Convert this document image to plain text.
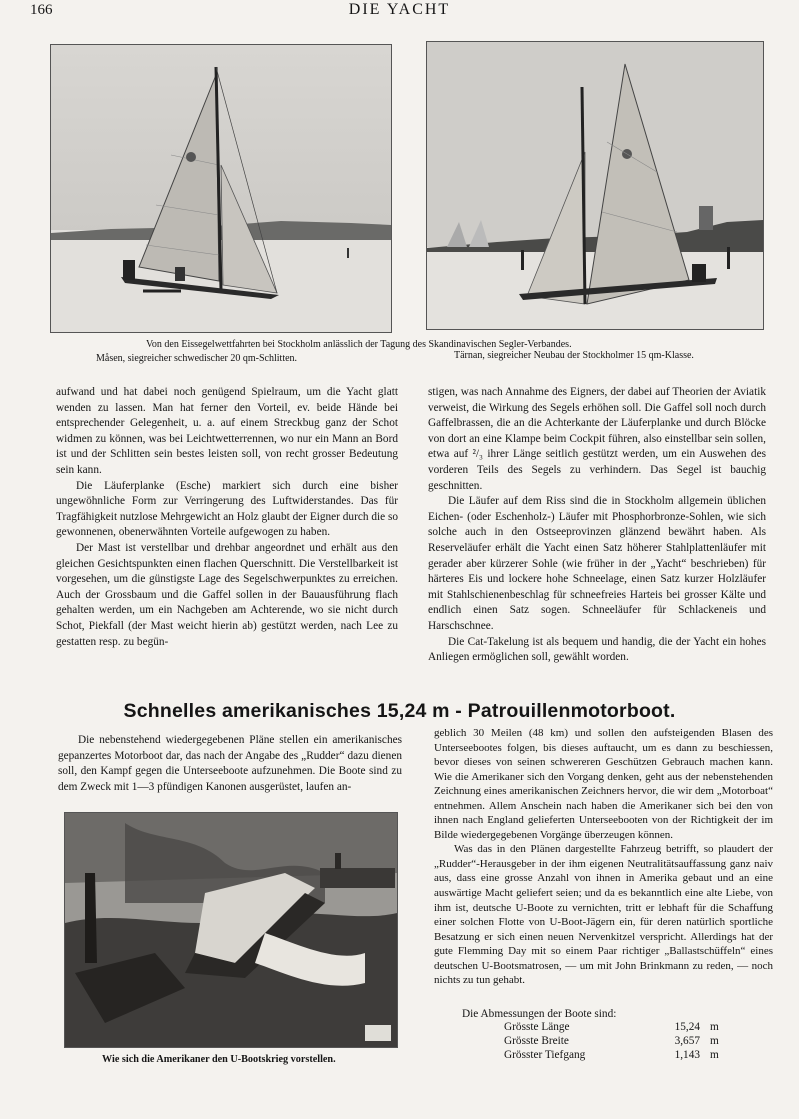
166	DIE YACHT
Von den Eissegelwettfahrten bei Stockholm anlässlich der Tagung des Skandinavischen Segler-Verbandes.
Måsen, siegreicher schwedischer 20 qm-Schlitten.	Tärnan, siegreicher Neubau der Stockholmer 15 qm-Klasse.

aufwand und hat dabei noch genügend Spielraum, um die Yacht glatt wenden zu lassen. Man hat ferner den Vorteil, ev. beide Hände bei entsprechender Gelegenheit, u. a. auf einem Streckbug ganz der Schot widmen zu können, was bei Leichtwetterrennen, wo nur ein Mann an Bord ist und der Schlitten sein bestes leisten soll, von recht grosser Bedeutung sein kann.

Die Läuferplanke (Esche) markiert sich durch eine bisher ungewöhnliche Form zur Verringerung des Luftwiderstandes. Das für Tragfähigkeit nutzlose Mehrgewicht an Holz glaubt der Eigner durch die so gewonnenen, obenerwähnten Vorteile aufgewogen zu haben.

Der Mast ist verstellbar und drehbar angeordnet und erhält aus den gleichen Gesichtspunkten einen flachen Querschnitt. Die Verstellbarkeit ist vorgesehen, um die günstigste Lage des Segelschwerpunktes zu erreichen. Auch der Grossbaum und die Gaffel sollen in der Bauausführung flach gehalten werden, um ein Nachgeben am Achterende, wo sie nicht durch Schot, Piekfall (der Mast weicht hierin ab) gestützt werden, nach Lee zu gestatten resp. zu begün-

stigen, was nach Annahme des Eigners, der dabei auf Theorien der Aviatik verweist, die Wirkung des Segels erhöhen soll. Die Gaffel soll noch durch Gaffelbrassen, die an die Achterkante der Läuferplanke und durch Blöcke von dort an eine Klampe beim Cockpit führen, also einstellbar sein sollen, etwa auf ²/₃ ihrer Länge seitlich gestützt werden, um ein Auswehen des vorderen Teils des Segels zu verhindern. Das Segel ist bauchig geschnitten.

Die Läufer auf dem Riss sind die in Stockholm allgemein üblichen Eichen- (oder Eschenholz-) Läufer mit Phosphorbronze-Sohlen, wie sich solche auch in den Ostseeprovinzen glänzend bewährt haben. Als Reserveläufer erhält die Yacht einen Satz höherer Stahlplattenläufer mit gerader aber kürzerer Sohle (wie früher in der „Yacht“ beschrieben) für härteres Eis und lockere hohe Schneelage, einen Satz kurzer Holzläufer mit Stahlschienenbeschlag für schneefreies Hartеis bei grosser Kälte und endlich einen Satz sogen. Schneeläufer für Schlackeneis und Harschschnee.

Die Cat-Takelung ist als bequem und handig, die der Yacht ein hohes Anliegen ermöglichen soll, gewählt worden.

Schnelles amerikanisches 15,24 m - Patrouillenmotorboot.

Die nebenstehend wiedergegebenen Pläne stellen ein amerikanisches gepanzertes Motorboot dar, das nach der Angabe des „Rudder“ dazu dienen soll, den Kampf gegen die Unterseeboote aufzunehmen. Die Boote sind zu dem Zweck mit 1—3 pfündigen Kanonen ausgerüstet, laufen an-

Wie sich die Amerikaner den U-Bootskrieg vorstellen.

geblich 30 Meilen (48 km) und sollen den aufsteigenden Blasen des Unterseebootes folgen, bis dieses auftaucht, um es dann zu beschiessen, bevor dieses von seinen schwereren Geschützen Gebrauch machen kann. Wie die Amerikaner sich den Vorgang denken, geht aus der nebenstehenden Zeichnung eines amerikanischen Zeichners hervor, die wir dem „Motorboat“ entnehmen. Allem Anschein nach haben die Amerikaner sich bei den von ihnen nach England gelieferten Unterseebooten von der Richtigkeit der im Bilde wiedergegebenen Vorgänge überzeugen können.

Was das in den Plänen dargestellte Fahrzeug betrifft, so plaudert der „Rudder“-Herausgeber in der ihm eigenen Neutralitätsauffassung ganz naiv aus, dass eine grosse Anzahl von ihnen in Amerika gebaut und an eine auswärtige Macht geliefert seien; und da es bekanntlich eine alte Liebe, von ihm ist, deutsche U-Boote zu vernichten, tritt er lebhaft für die Schaffung einer solchen Flotte von U-Boot-Jägern ein, für deren natürlich sportliche Besatzung er sich einen neuen Nervenkitzel verspricht. Allerdings hat der gute Flemming Day mit so einem Paar richtiger „Ballastschüffeln“ eines deutschen U-Bootsmatrosen, — um mit John Brinkmann zu reden, — noch nichts zu tun gehabt.

Die Abmessungen der Boote sind:
Grösste Länge	15,24	m
Grösste Breite	3,657	m
Grösster Tiefgang	1,143	m
